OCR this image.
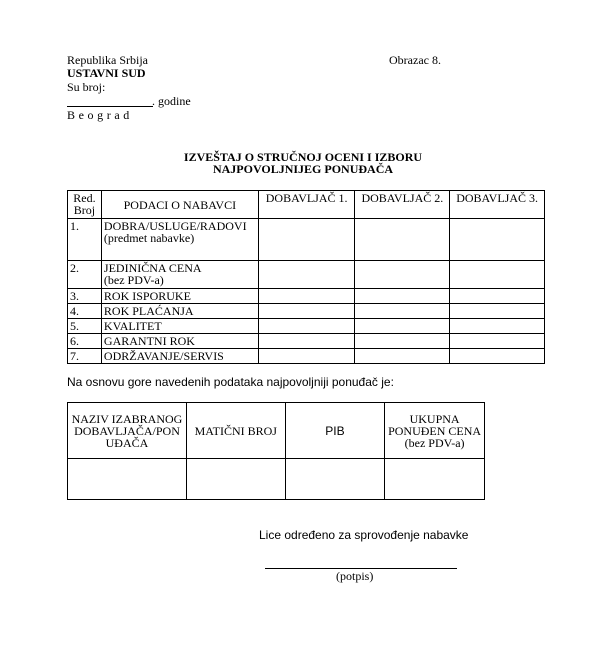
Republika Srbija
USTAVNI SUD
Su broj:
. godine
B e o g r a d
Obrazac 8.
IZVEŠTAJ O STRUČNOJ OCENI I IZBORU
NAJPOVOLJNIJEG PONUĐAČA
Red. Broj	PODACI O NABAVCI	DOBAVLJAČ 1.	DOBAVLJAČ 2.	DOBAVLJAČ 3.
1.	DOBRA/USLUGE/RADOVI
(predmet nabavke)			
2.	JEDINIČNA CENA
(bez PDV-a)			
3.	ROK ISPORUKE			
4.	ROK PLAĆANJA			
5.	KVALITET			
6.	GARANTNI ROK			
7.	ODRŽAVANJE/SERVIS			
Na osnovu gore navedenih podataka najpovoljniji ponuđač je:
NAZIV IZABRANOG DOBAVLJAČA/PON UĐAČA	MATIČNI BROJ	PIB	UKUPNA PONUĐEN CENA (bez PDV-a)

Lice određeno za sprovođenje nabavke
(potpis)
